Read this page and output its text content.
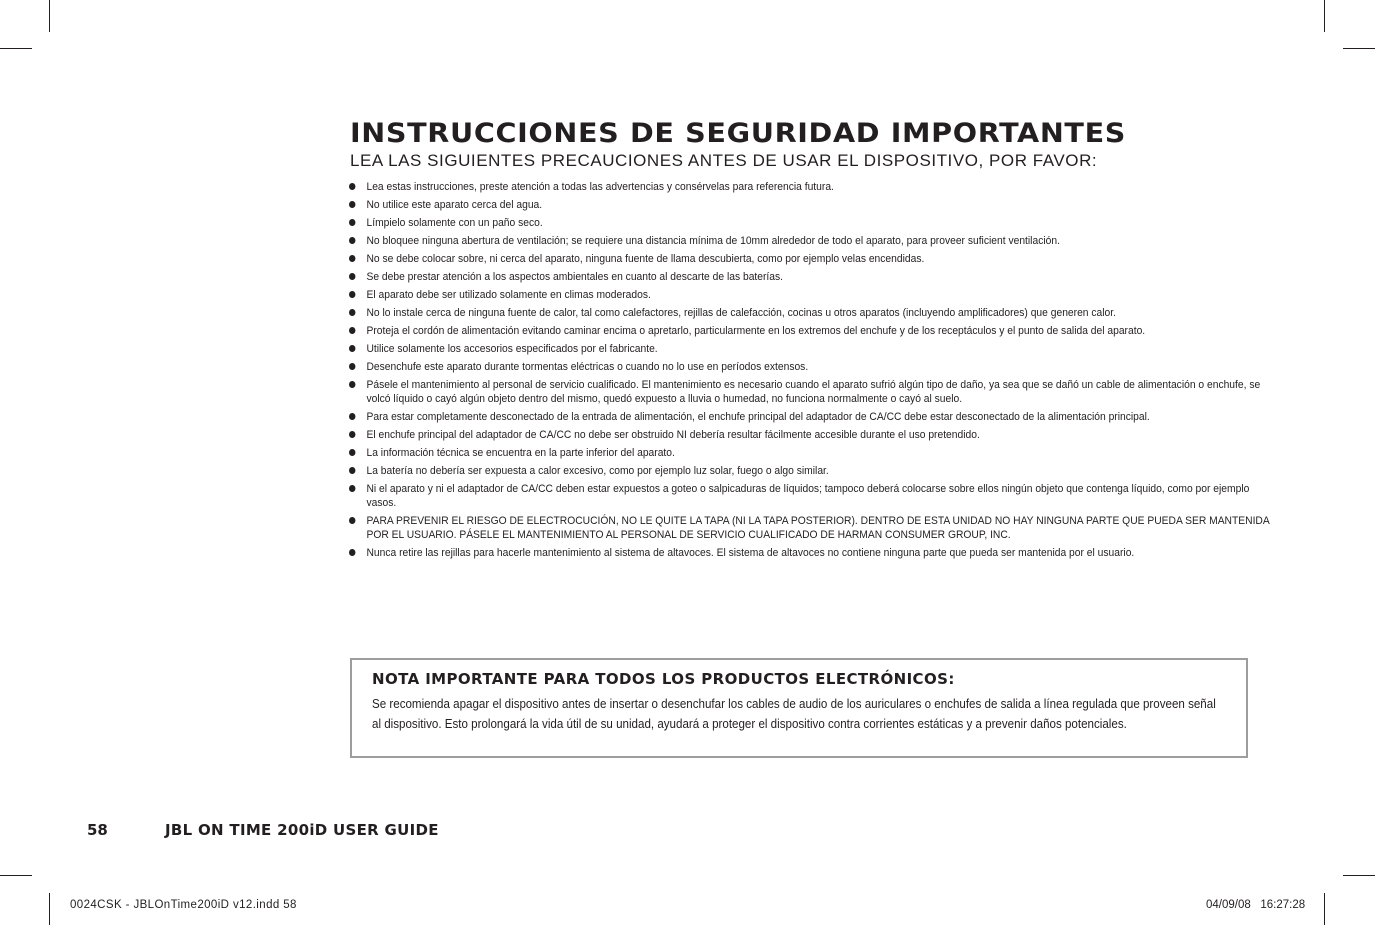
INSTRUCCIONES DE SEGURIDAD IMPORTANTES
LEA LAS SIGUIENTES PRECAUCIONES ANTES DE USAR EL DISPOSITIVO, POR FAVOR:
Lea estas instrucciones, preste atención a todas las advertencias y consérvelas para referencia futura.
No utilice este aparato cerca del agua.
Límpielo solamente con un paño seco.
No bloquee ninguna abertura de ventilación; se requiere una distancia mínima de 10mm alrededor de todo el aparato, para proveer suficient ventilación.
No se debe colocar sobre, ni cerca del aparato, ninguna fuente de llama descubierta, como por ejemplo velas encendidas.
Se debe prestar atención a los aspectos ambientales en cuanto al descarte de las baterías.
El aparato debe ser utilizado solamente en climas moderados.
No lo instale cerca de ninguna fuente de calor, tal como calefactores, rejillas de calefacción, cocinas u otros aparatos (incluyendo amplificadores) que generen calor.
Proteja el cordón de alimentación evitando caminar encima o apretarlo, particularmente en los extremos del enchufe y de los receptáculos y el punto de salida del aparato.
Utilice solamente los accesorios especificados por el fabricante.
Desenchufe este aparato durante tormentas eléctricas o cuando no lo use en períodos extensos.
Pásele el mantenimiento al personal de servicio cualificado. El mantenimiento es necesario cuando el aparato sufrió algún tipo de daño, ya sea que se dañó un cable de alimentación o enchufe, se volcó líquido o cayó algún objeto dentro del mismo, quedó expuesto a lluvia o humedad, no funciona normalmente o cayó al suelo.
Para estar completamente desconectado de la entrada de alimentación, el enchufe principal del adaptador de CA/CC debe estar desconectado de la alimentación principal.
El enchufe principal del adaptador de CA/CC no debe ser obstruido NI debería resultar fácilmente accesible durante el uso pretendido.
La información técnica se encuentra en la parte inferior del aparato.
La batería no debería ser expuesta a calor excesivo, como por ejemplo luz solar, fuego o algo similar.
Ni el aparato y ni el adaptador de CA/CC deben estar expuestos a goteo o salpicaduras de líquidos; tampoco deberá colocarse sobre ellos ningún objeto que contenga líquido, como por ejemplo vasos.
PARA PREVENIR EL RIESGO DE ELECTROCUCIÓN, NO LE QUITE LA TAPA (NI LA TAPA POSTERIOR). DENTRO DE ESTA UNIDAD NO HAY NINGUNA PARTE QUE PUEDA SER MANTENIDA POR EL USUARIO. PÁSELE EL MANTENIMIENTO AL PERSONAL DE SERVICIO CUALIFICADO DE HARMAN CONSUMER GROUP, INC.
Nunca retire las rejillas para hacerle mantenimiento al sistema de altavoces. El sistema de altavoces no contiene ninguna parte que pueda ser mantenida por el usuario.
NOTA IMPORTANTE PARA TODOS LOS PRODUCTOS ELECTRÓNICOS:
Se recomienda apagar el dispositivo antes de insertar o desenchufar los cables de audio de los auriculares o enchufes de salida a línea regulada que proveen señal al dispositivo. Esto prolongará la vida útil de su unidad, ayudará a proteger el dispositivo contra corrientes estáticas y a prevenir daños potenciales.
58	JBL ON TIME 200iD USER GUIDE
0024CSK - JBLOnTime200iD v12.indd 58	04/09/08 16:27:28
